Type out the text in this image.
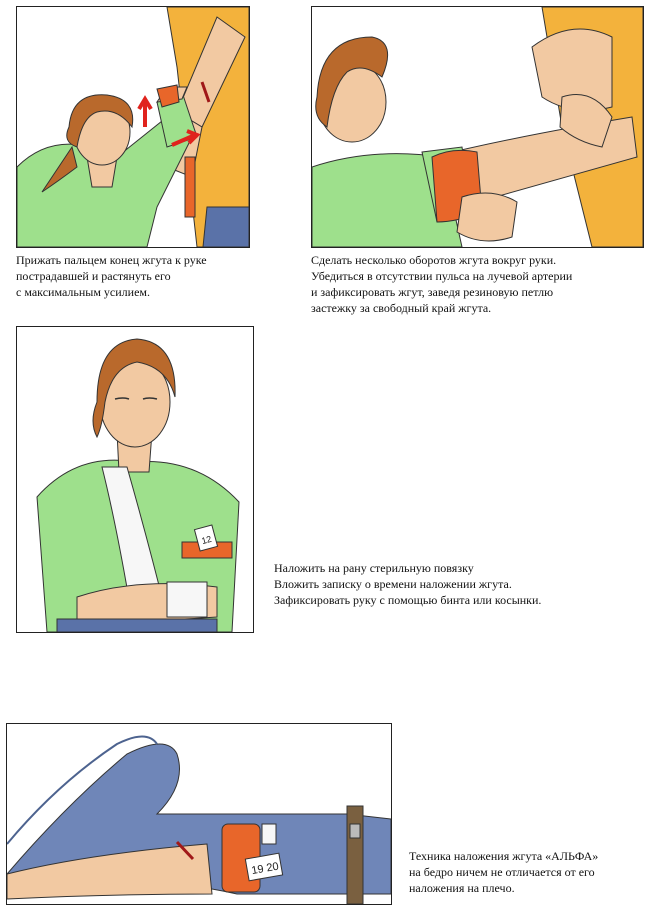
Прижать пальцем конец жгута к руке
пострадавшей и растянуть его
с максимальным усилием.
Сделать несколько оборотов жгута вокруг руки.
Убедиться в отсутствии пульса на лучевой артерии
и зафиксировать жгут, заведя резиновую петлю
застежку за свободный край жгута.
12
Наложить на рану стерильную повязку
Вложить записку о времени наложении жгута.
Зафиксировать руку с помощью бинта или косынки.
19 20
Техника наложения жгута «АЛЬФА»
на бедро ничем не отличается от его
наложения на плечо.
